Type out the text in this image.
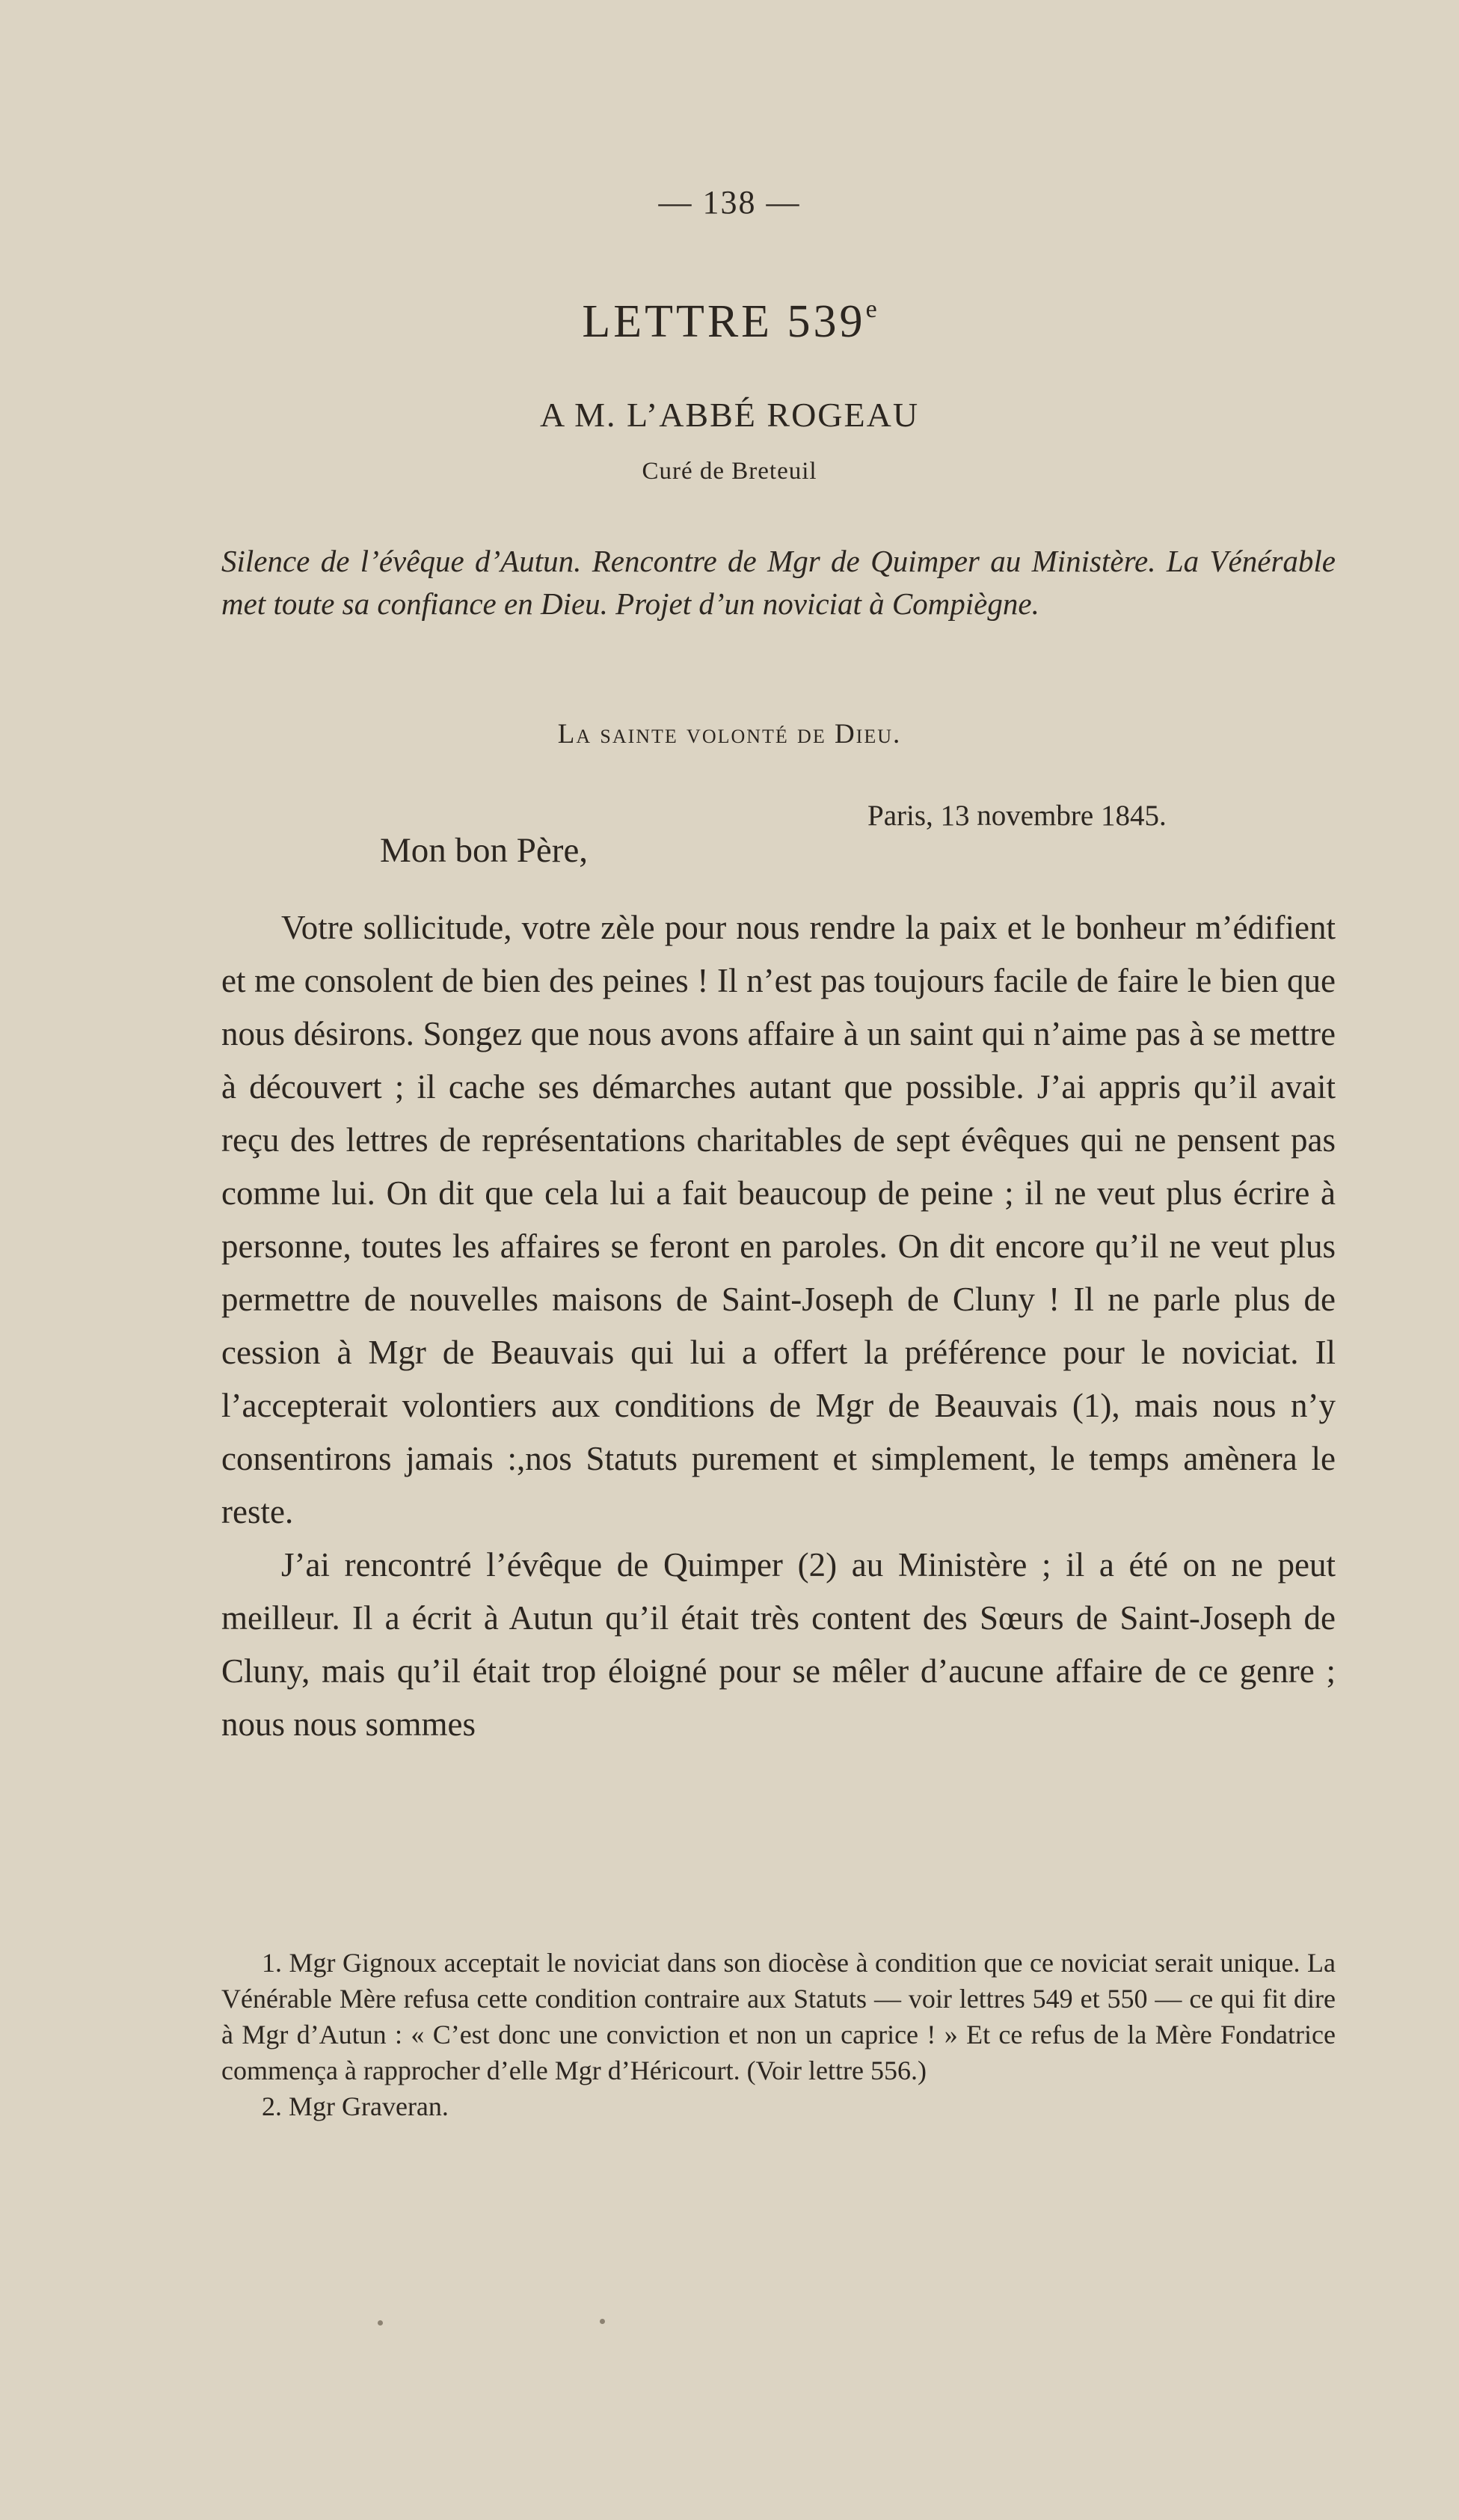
— 138 —
LETTRE 539e
A M. L’ABBÉ ROGEAU
Curé de Breteuil
Silence de l’évêque d’Autun. Rencontre de Mgr de Quimper au Ministère. La Vénérable met toute sa confiance en Dieu. Projet d’un noviciat à Compiègne.
La sainte volonté de Dieu.
Paris, 13 novembre 1845.
Mon bon Père,

Votre sollicitude, votre zèle pour nous rendre la paix et le bonheur m’édifient et me consolent de bien des peines ! Il n’est pas toujours facile de faire le bien que nous désirons. Songez que nous avons affaire à un saint qui n’aime pas à se mettre à découvert ; il cache ses démarches autant que possible. J’ai appris qu’il avait reçu des lettres de représentations charitables de sept évêques qui ne pensent pas comme lui. On dit que cela lui a fait beaucoup de peine ; il ne veut plus écrire à personne, toutes les affaires se feront en paroles. On dit encore qu’il ne veut plus permettre de nouvelles maisons de Saint-Joseph de Cluny ! Il ne parle plus de cession à Mgr de Beauvais qui lui a offert la préférence pour le noviciat. Il l’accepterait volontiers aux conditions de Mgr de Beauvais (1), mais nous n’y consentirons jamais :,nos Statuts purement et simplement, le temps amènera le reste.

J’ai rencontré l’évêque de Quimper (2) au Ministère ; il a été on ne peut meilleur. Il a écrit à Autun qu’il était très content des Sœurs de Saint-Joseph de Cluny, mais qu’il était trop éloigné pour se mêler d’aucune affaire de ce genre ; nous nous sommes

1. Mgr Gignoux acceptait le noviciat dans son diocèse à condition que ce noviciat serait unique. La Vénérable Mère refusa cette condition contraire aux Statuts — voir lettres 549 et 550 — ce qui fit dire à Mgr d’Autun : « C’est donc une conviction et non un caprice ! » Et ce refus de la Mère Fondatrice commença à rapprocher d’elle Mgr d’Héricourt. (Voir lettre 556.)

2. Mgr Graveran.
